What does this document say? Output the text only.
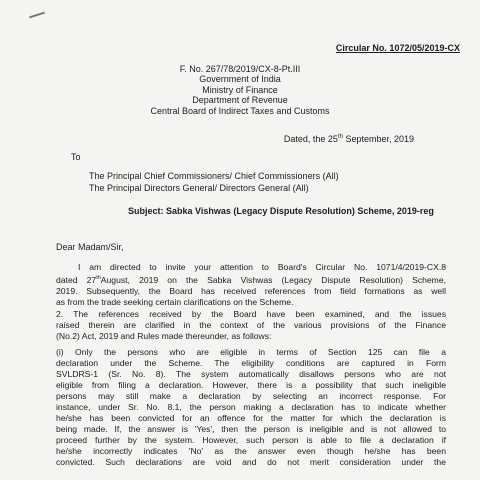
Circular No. 1072/05/2019-CX
F. No. 267/78/2019/CX-8-Pt.III
Government of India
Ministry of Finance
Department of Revenue
Central Board of Indirect Taxes and Customs
Dated, the 25th September, 2019
To
The Principal Chief Commissioners/ Chief Commissioners (All)
The Principal Directors General/ Directors General (All)
Subject: Sabka Vishwas (Legacy Dispute Resolution) Scheme, 2019-reg
Dear Madam/Sir,
I am directed to invite your attention to Board's Circular No. 1071/4/2019-CX.8
dated 27thAugust, 2019 on the Sabka Vishwas (Legacy Dispute Resolution) Scheme,
2019. Subsequently, the Board has received references from field formations as well
as from the trade seeking certain clarifications on the Scheme.
2. The references received by the Board have been examined, and the issues
raised therein are clarified in the context of the various provisions of the Finance
(No.2) Act, 2019 and Rules made thereunder, as follows:
(i) Only the persons who are eligible in terms of Section 125 can file a
declaration under the Scheme. The eligibility conditions are captured in Form
SVLDRS-1 (Sr. No. 8). The system automatically disallows persons who are not
eligible from filing a declaration. However, there is a possibility that such ineligible
persons may still make a declaration by selecting an incorrect response. For
instance, under Sr. No. 8.1, the person making a declaration has to indicate whether
he/she has been convicted for an offence for the matter for which the declaration is
being made. If, the answer is 'Yes', then the person is ineligible and is not allowed to
proceed further by the system. However, such person is able to file a declaration if
he/she incorrectly indicates 'No' as the answer even though he/she has been
convicted. Such declarations are void and do not merit consideration under the
